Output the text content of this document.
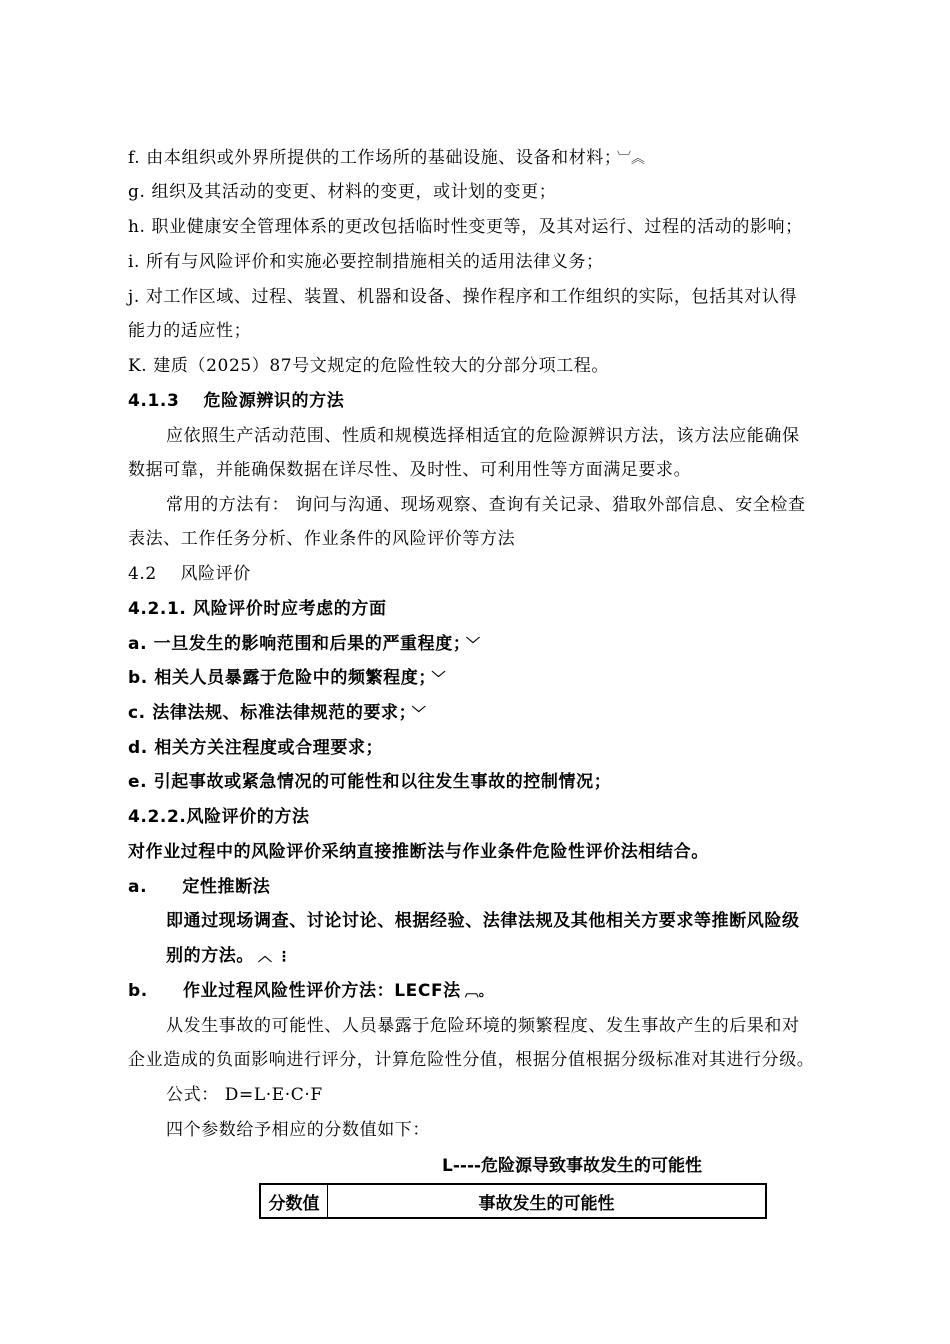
f. 由本组织或外界所提供的工作场所的基础设施、设备和材料； ︺︽
g. 组织及其活动的变更、材料的变更，或计划的变更；
h. 职业健康安全管理体系的更改包括临时性变更等，及其对运行、过程的活动的影响；
i. 所有与风险评价和实施必要控制措施相关的适用法律义务；
j. 对工作区域、过程、装置、机器和设备、操作程序和工作组织的实际，包括其对认得
能力的适应性；
K. 建质（2025）87号文规定的危险性较大的分部分项工程。
4.1.3　 危险源辨识的方法
应依照生产活动范围、性质和规模选择相适宜的危险源辨识方法，该方法应能确保
数据可靠，并能确保数据在详尽性、及时性、可利用性等方面满足要求。
常用的方法有： 询问与沟通、现场观察、查询有关记录、猎取外部信息、安全检查
表法、工作任务分析、作业条件的风险评价等方法
4.2　 风险评价
4.2.1. 风险评价时应考虑的方面
a. 一旦发生的影响范围和后果的严重程度； ﹀
b. 相关人员暴露于危险中的频繁程度； ﹀
c. 法律法规、标准法律规范的要求； ﹀
d. 相关方关注程度或合理要求；
e. 引起事故或紧急情况的可能性和以往发生事故的控制情况；
4.2.2.风险评价的方法
对作业过程中的风险评价采纳直接推断法与作业条件危险性评价法相结合。
a.　　定性推断法
即通过现场调查、讨论讨论、根据经验、法律法规及其他相关方要求等推断风险级
别的方法。 ︿ ⋮
b.　　作业过程风险性评价方法：LECF法 ︹。
从发生事故的可能性、人员暴露于危险环境的频繁程度、发生事故产生的后果和对
企业造成的负面影响进行评分，计算危险性分值，根据分值根据分级标准对其进行分级。
公式： D=L·E·C·F
四个参数给予相应的分数值如下：
L----危险源导致事故发生的可能性
分数值	事故发生的可能性
